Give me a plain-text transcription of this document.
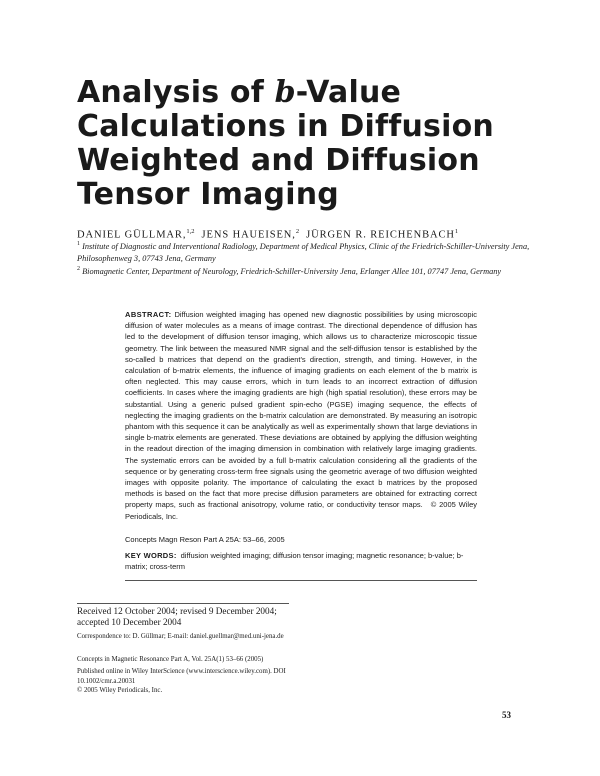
Analysis of b-Value
Calculations in Diffusion
Weighted and Diffusion
Tensor Imaging
DANIEL GÜLLMAR,$^{1,2}$ JENS HAUEISEN,$^2$ JÜRGEN R. REICHENBACH$^1$
$^1$ Institute of Diagnostic and Interventional Radiology, Department of Medical Physics, Clinic of the Friedrich-Schiller-University Jena, Philosophenweg 3, 07743 Jena, Germany
$^2$ Biomagnetic Center, Department of Neurology, Friedrich-Schiller-University Jena, Erlanger Allee 101, 07747 Jena, Germany

ABSTRACT: Diffusion weighted imaging has opened new diagnostic possibilities by using microscopic diffusion of water molecules as a means of image contrast. The directional dependence of diffusion has led to the development of diffusion tensor imaging, which allows us to characterize microscopic tissue geometry. The link between the measured NMR signal and the self-diffusion tensor is established by the so-called b matrices that depend on the gradient's direction, strength, and timing. However, in the calculation of b-matrix elements, the influence of imaging gradients on each element of the b matrix is often neglected. This may cause errors, which in turn leads to an incorrect extraction of diffusion coefficients. In cases where the imaging gradients are high (high spatial resolution), these errors may be substantial. Using a generic pulsed gradient spin-echo (PGSE) imaging sequence, the effects of neglecting the imaging gradients on the b-matrix calculation are demonstrated. By measuring an isotropic phantom with this sequence it can be analytically as well as experimentally shown that large deviations in single b-matrix elements are generated. These deviations are obtained by applying the diffusion weighting in the readout direction of the imaging dimension in combination with relatively large imaging gradients. The systematic errors can be avoided by a full b-matrix calculation considering all the gradients of the sequence or by generating cross-term free signals using the geometric average of two diffusion weighted images with opposite polarity. The importance of calculating the exact b matrices by the proposed methods is based on the fact that more precise diffusion parameters are obtained for extracting correct property maps, such as fractional anisotropy, volume ratio, or conductivity tensor maps. © 2005 Wiley Periodicals, Inc.

Concepts Magn Reson Part A 25A: 53–66, 2005
KEY WORDS: diffusion weighted imaging; diffusion tensor imaging; magnetic resonance; b-value; b-matrix; cross-term
Received 12 October 2004; revised 9 December 2004; accepted 10 December 2004
Correspondence to: D. Güllmar; E-mail: daniel.guellmar@med.uni-jena.de
Concepts in Magnetic Resonance Part A, Vol. 25A(1) 53–66 (2005)
Published online in Wiley InterScience (www.interscience.wiley.com). DOI 10.1002/cmr.a.20031
© 2005 Wiley Periodicals, Inc.
53
